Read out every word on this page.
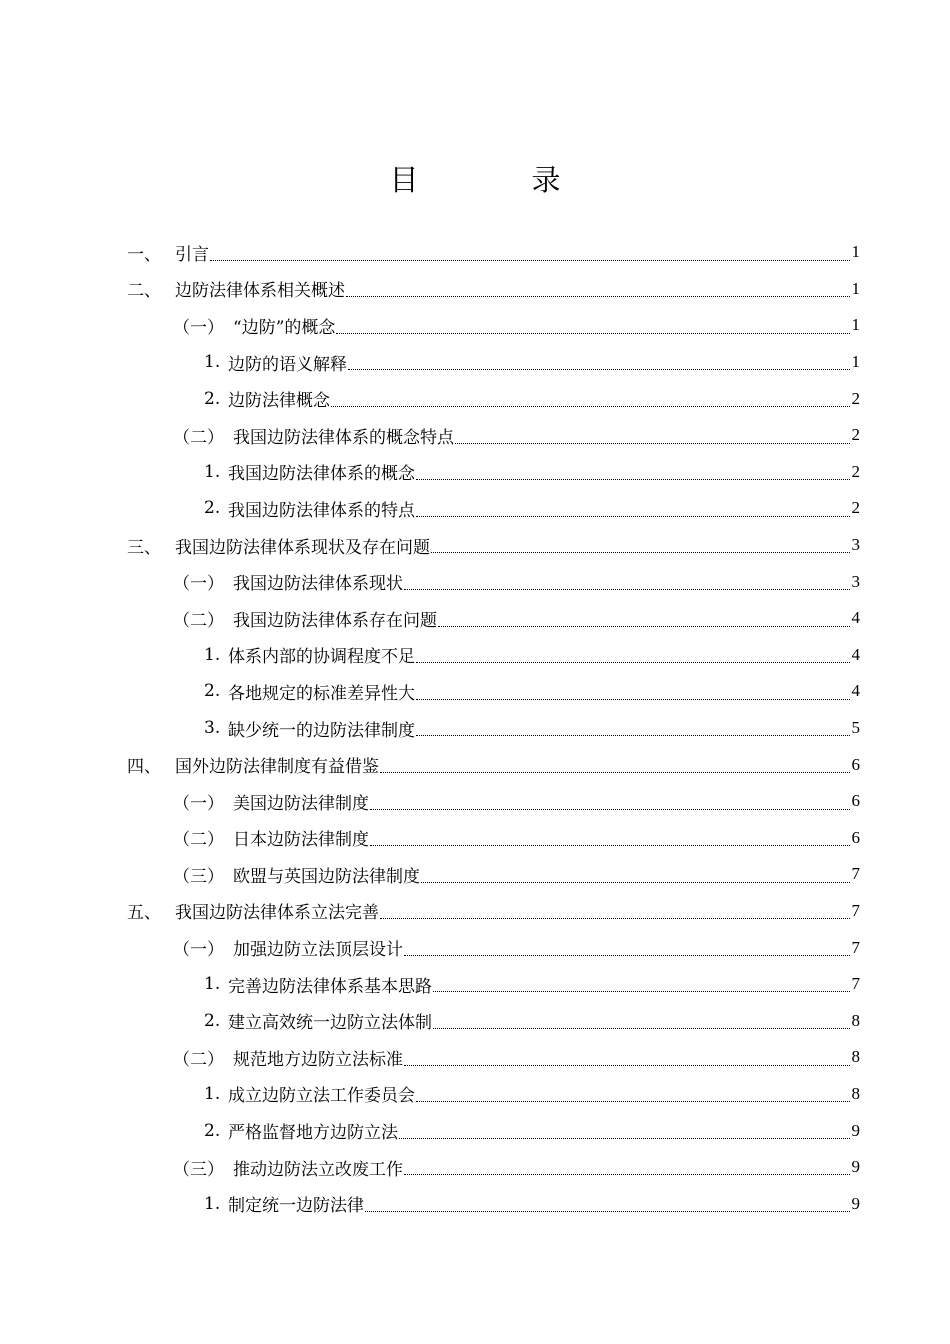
目　录
一、 引言	1
二、 边防法律体系相关概述	1
（一） “边防”的概念	1
1. 边防的语义解释	1
2. 边防法律概念	2
（二） 我国边防法律体系的概念特点	2
1. 我国边防法律体系的概念	2
2. 我国边防法律体系的特点	2
三、 我国边防法律体系现状及存在问题	3
（一） 我国边防法律体系现状	3
（二） 我国边防法律体系存在问题	4
1. 体系内部的协调程度不足	4
2. 各地规定的标准差异性大	4
3. 缺少统一的边防法律制度	5
四、 国外边防法律制度有益借鉴	6
（一） 美国边防法律制度	6
（二） 日本边防法律制度	6
（三） 欧盟与英国边防法律制度	7
五、 我国边防法律体系立法完善	7
（一） 加强边防立法顶层设计	7
1. 完善边防法律体系基本思路	7
2. 建立高效统一边防立法体制	8
（二） 规范地方边防立法标准	8
1. 成立边防立法工作委员会	8
2. 严格监督地方边防立法	9
（三） 推动边防法立改废工作	9
1. 制定统一边防法律	9
